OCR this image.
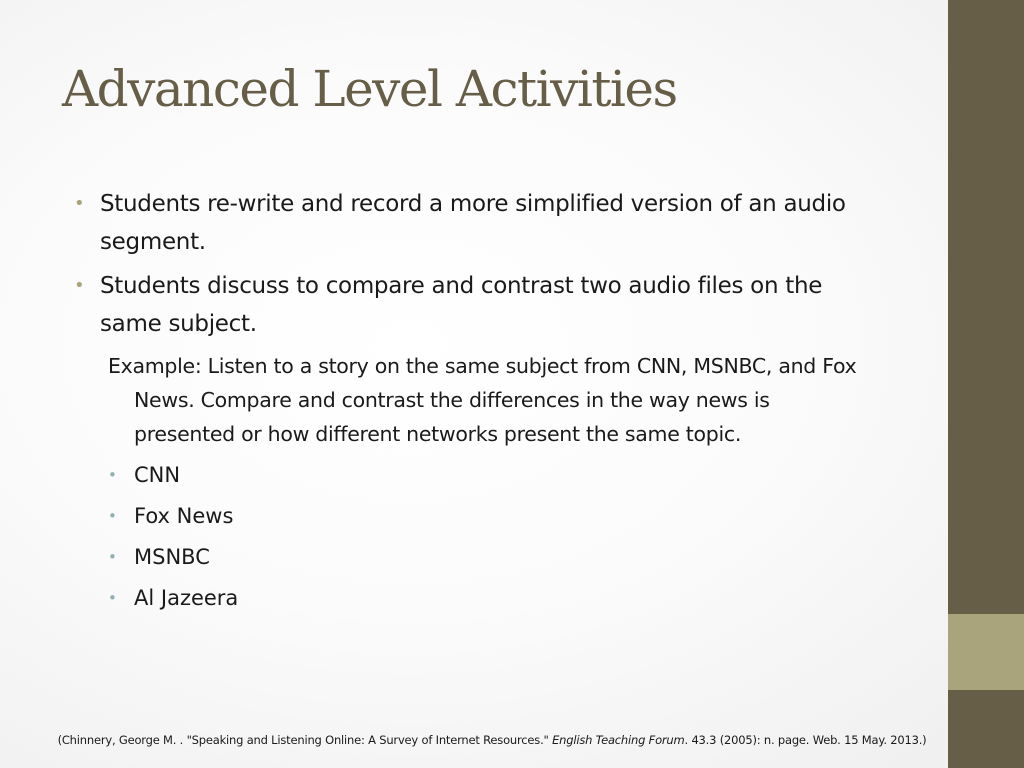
Advanced Level Activities
• Students re-write and record a more simplified version of an audio segment.
• Students discuss to compare and contrast two audio files on the same subject.
Example: Listen to a story on the same subject from CNN, MSNBC, and Fox News. Compare and contrast the differences in the way news is presented or how different networks present the same topic.
• CNN
• Fox News
• MSNBC
• Al Jazeera
(Chinnery, George M. . "Speaking and Listening Online: A Survey of Internet Resources." English Teaching Forum. 43.3 (2005): n. page. Web. 15 May. 2013.)
